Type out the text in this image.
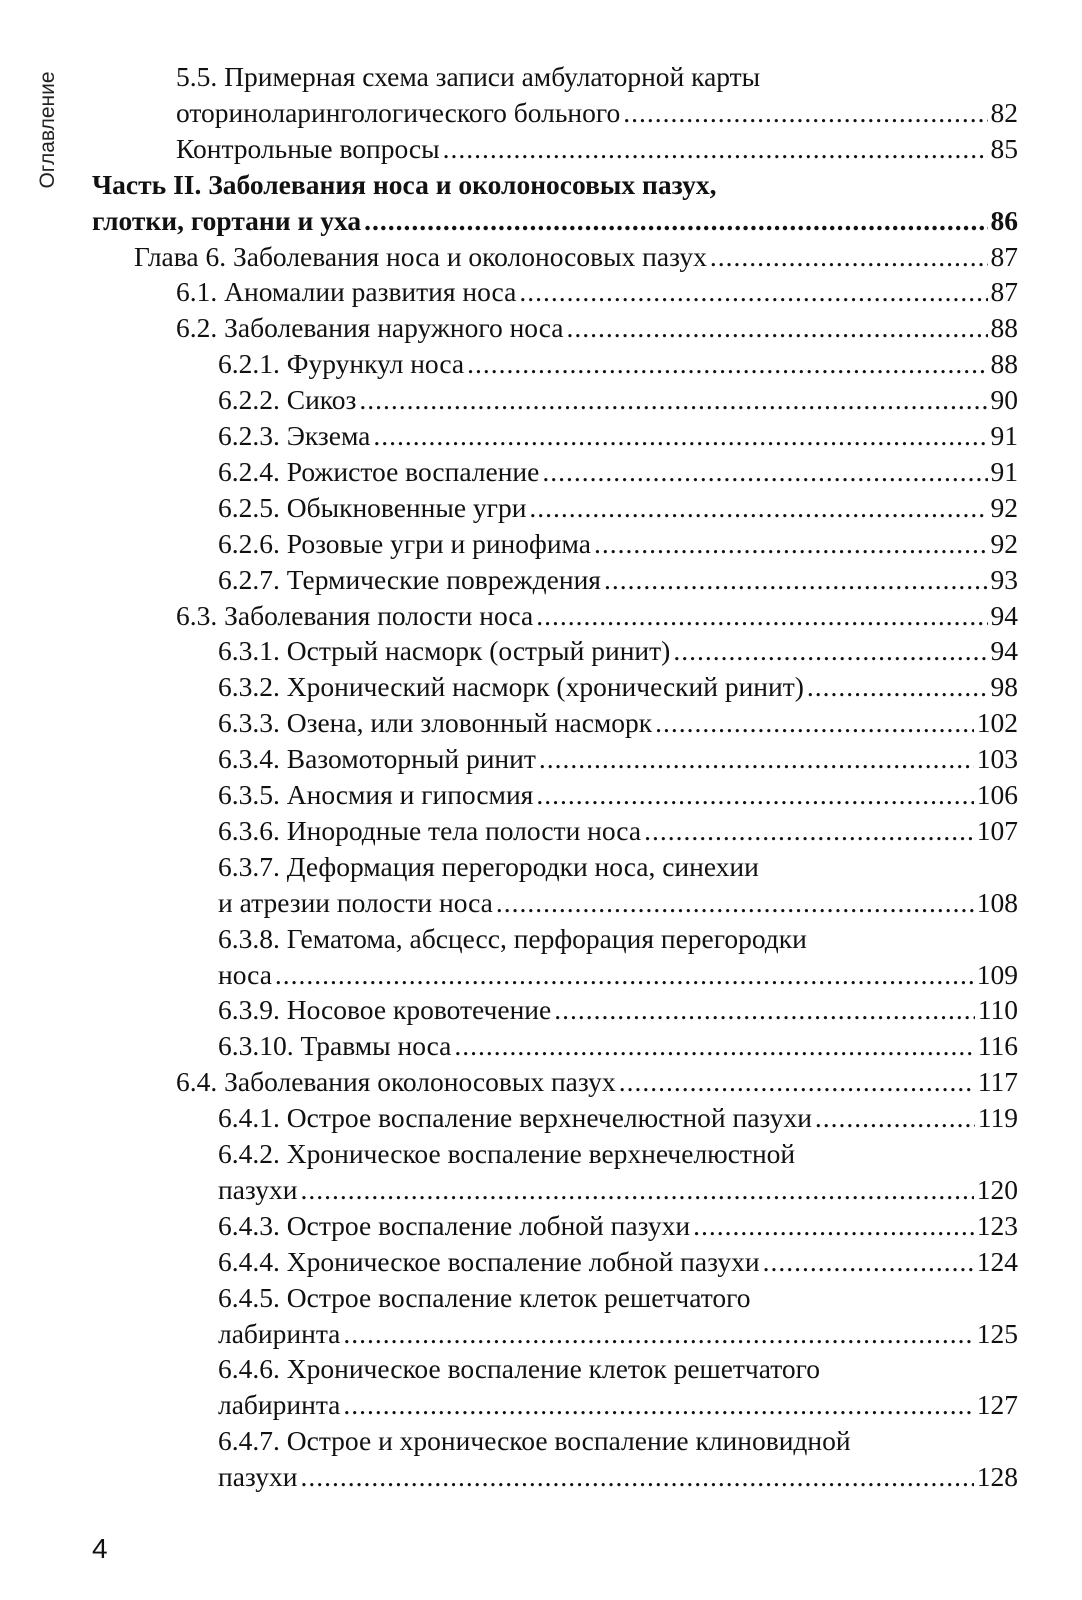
Оглавление	5.5. Примерная схема записи амбулаторной карты
оториноларингологического больного .....	82
Контрольные вопросы .....	85
Часть II. Заболевания носа и околоносовых пазух,
глотки, гортани и уха .....	86
Глава 6. Заболевания носа и околоносовых пазух .....	87
6.1. Аномалии развития носа .....	87
6.2. Заболевания наружного носа .....	88
6.2.1. Фурункул носа .....	88
6.2.2. Сикоз .....	90
6.2.3. Экзема .....	91
6.2.4. Рожистое воспаление .....	91
6.2.5. Обыкновенные угри .....	92
6.2.6. Розовые угри и ринофима .....	92
6.2.7. Термические повреждения .....	93
6.3. Заболевания полости носа .....	94
6.3.1. Острый насморк (острый ринит) .....	94
6.3.2. Хронический насморк (хронический ринит) .....	98
6.3.3. Озена, или зловонный насморк .....	102
6.3.4. Вазомоторный ринит .....	103
6.3.5. Аносмия и гипосмия .....	106
6.3.6. Инородные тела полости носа .....	107
6.3.7. Деформация перегородки носа, синехии
и атрезии полости носа .....	108
6.3.8. Гематома, абсцесс, перфорация перегородки
носа .....	109
6.3.9. Носовое кровотечение .....	110
6.3.10. Травмы носа .....	116
6.4. Заболевания околоносовых пазух .....	117
6.4.1. Острое воспаление верхнечелюстной пазухи .....	119
6.4.2. Хроническое воспаление верхнечелюстной
пазухи .....	120
6.4.3. Острое воспаление лобной пазухи .....	123
6.4.4. Хроническое воспаление лобной пазухи .....	124
6.4.5. Острое воспаление клеток решетчатого
лабиринта .....	125
6.4.6. Хроническое воспаление клеток решетчатого
лабиринта .....	127
6.4.7. Острое и хроническое воспаление клиновидной
пазухи .....	128
4
